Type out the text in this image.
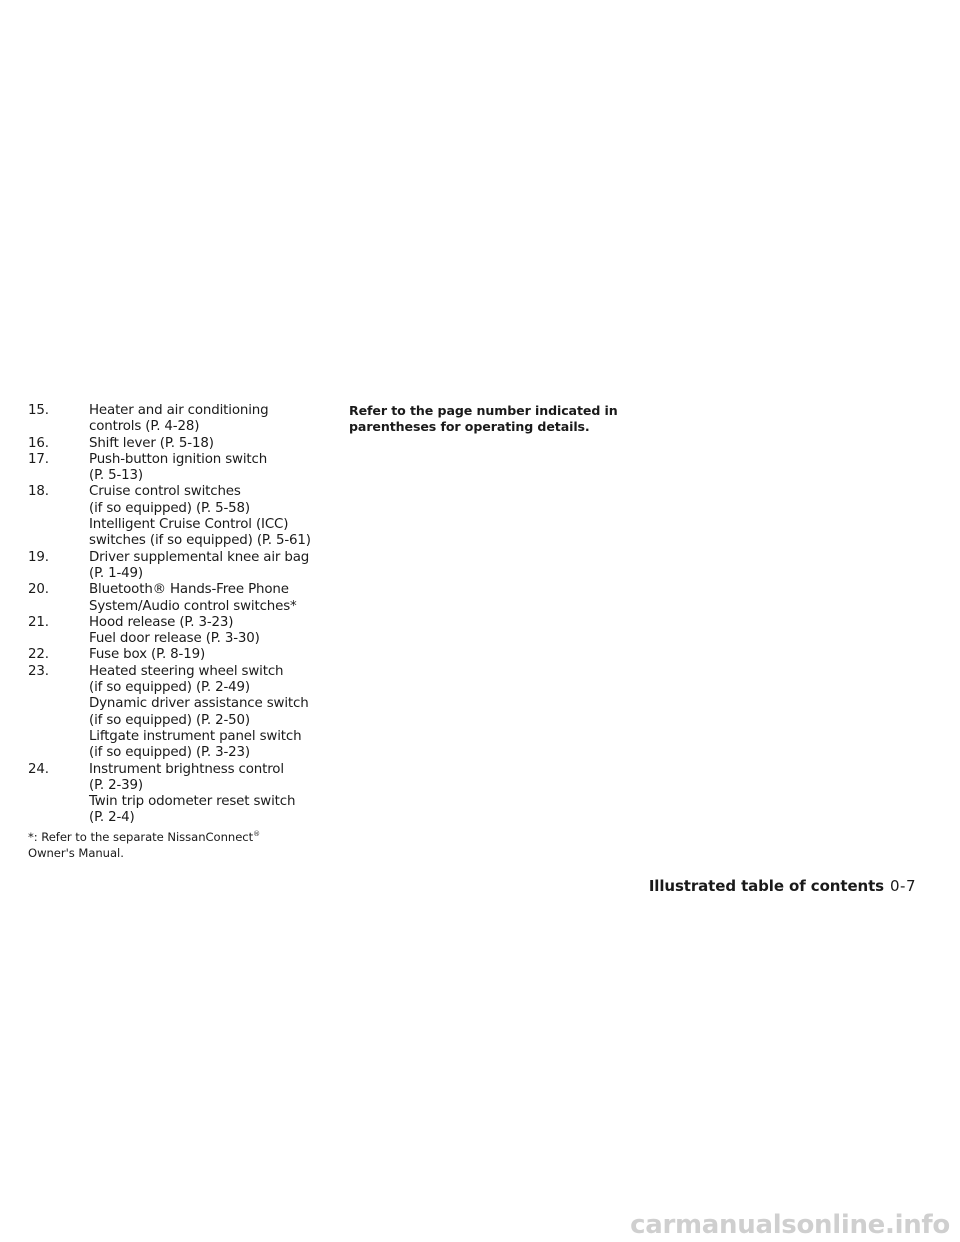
15.	Heater and air conditioning
controls (P. 4-28)
16.	Shift lever (P. 5-18)
17.	Push-button ignition switch
(P. 5-13)
18.	Cruise control switches
(if so equipped) (P. 5-58)
Intelligent Cruise Control (ICC)
switches (if so equipped) (P. 5-61)
19.	Driver supplemental knee air bag
(P. 1-49)
20.	Bluetooth® Hands-Free Phone
System/Audio control switches*
21.	Hood release (P. 3-23)
Fuel door release (P. 3-30)
22.	Fuse box (P. 8-19)
23.	Heated steering wheel switch
(if so equipped) (P. 2-49)
Dynamic driver assistance switch
(if so equipped) (P. 2-50)
Liftgate instrument panel switch
(if so equipped) (P. 3-23)
24.	Instrument brightness control
(P. 2-39)
Twin trip odometer reset switch
(P. 2-4)
*: Refer to the separate NissanConnect®
Owner's Manual.
Refer to the page number indicated in
parentheses for operating details.
Illustrated table of contents 0-7
carmanualsonline.info
